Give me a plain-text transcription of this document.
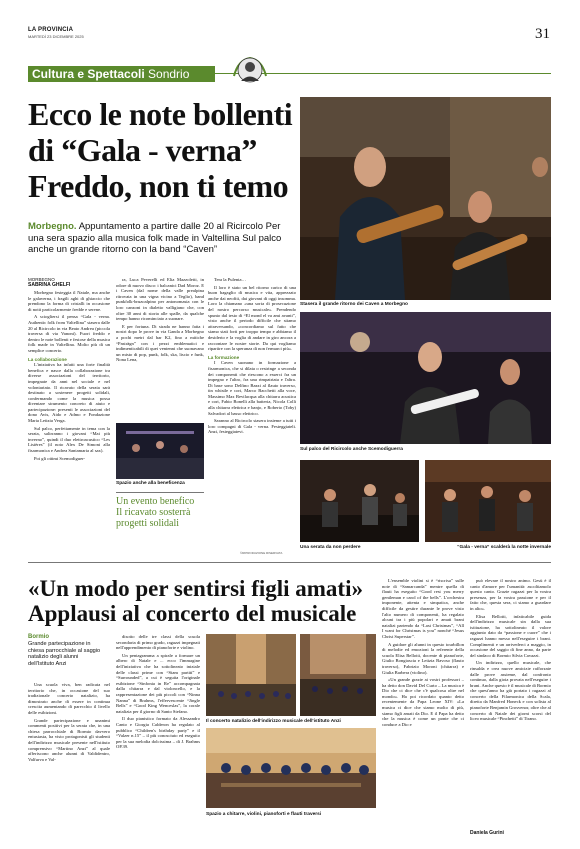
LA PROVINCIA
MARTEDÌ 23 DICEMBRE 2025	31
Cultura e Spettacoli Sondrio
Ecco le note bollenti
di “Gala - verna”
Freddo, non ti temo
Morbegno. Appuntamento a partire dalle 20 al Ricircolo Per una sera spazio alla musica folk made in Valtellina Sul palco anche un grande ritorno con la band “Caven”
Stasera il grande ritorno dei Caven a Morbegno
Sul palco del Ricircolo anche Scemodiguerra
Una serata da non perdere	“Gala - verna” scalderà la notte invernale
MORBEGNO
SABRINA GHELFI

Morbegno festeggia il Natale, ma anche le galaverna, i fragili aghi di ghiaccio che prendono la forma di cristalli in occasione di notti particolarmente fredde e serene.

A sciogliersi il pensa “Gala - verna. Authentic folk from Valtellina” stasera dalle 20 al Ricircolo in via Beato Andrea (piccola traversa di via Vanoni). Fuori freddo e dentro le note bollenti e festose della musica folk made in Valtellina. Molto più di un semplice concerto.

La collaborazione

L'iniziativa ha infatti una forte finalità benefica e nasce dalla collaborazione tra diverse associazioni del territorio, impegnate da anni nel sociale e nel volontariato. Il ricavato della serata sarà destinato a sostenere progetti solidali, confermando come la musica possa diventare strumento concreto di aiuto e partecipazione: presenti le associazioni del dono Avis, Aido e Admo e Fondazione Maria Letizia Verga.

Sul palco, perfettamente in tema con la serata, salirranno i giovani “Mai più inverno”, quindi il duo elettroacustico “Les Lisières” (il noto Alex De Simoni alla fisarmonica e Andrea Santamaria al sax).

Poi gli ottimi Scemodiguer-

ra, Luca Peverelli ed Elia Mazzoletti, in odore di nuovo disco: i balcanici Dad Moroz. E i Caven (dal nome della valle prealpina ritrovata in una vigna vicino a Teglio), band punkfolk-bruzoalpino per antonomasia con le loro canzoni in dialetto valligiano che, con oltre 30 anni di storia alle spalle, da qualche tempo hanno ricominciato a suonare.

E per fortuna. Di strada ne hanno fatta i nostri dopo le prove in via Ganda a Morbegno a pochi metri dal bar K2, fino a mitiche “Pasträgn” con i pezzi emblematici e indimenticabili di quei ventenni che suonavano un misto di pop, punk, folk, ska, liscio e funk, Nona Lena,

Spazio anche alla beneficenza
Un evento benefico Il ricavato sosterrà progetti solidali

Tera la Pulenta…

Il loro è stato un bel ritorno carico di una buon bagaglio di musica e vita, apprezzato anche dai neofiti, dai giovani di oggi insomma. Loro la chiamano «una sorta di prosecuzione del nostro percorso musicale». Prendendo spunto dal testo di “El mond el va ami avanti”, visto anche il periodo difficile che stiamo attraversando, «concordiamo sul fatto che siamo stati forti per troppo tempo e abbiamo il desiderio e la voglia di andare in giro ancora a raccontare le nostre storie. Da qui vogliamo ripartire con la speranza di non fermarci più».

La formazione

I Caven suonano in formazione a fisarmonica, che si dilata o restringe a seconda dei componenti che riescono a esserci fra un impegno e l'altro, fra una rimpatriata e l'altra. Di base sono Delfino Bazzi al flauto traverso, tin whistle e cori, Marco Bacchetti alla voce, Massimo Max Bevilacqua alla chitarra acustica e cori, Fabio Bonelli alla batteria, Nicola Colli alla chitarra elettrica e banjo, e Roberto (Toby) Salvadori al basso elettrico.

Saranno al Ricircolo stasera insieme a tutti i loro compagni di Gala - verna. Festeggiateli. Anzi, festeggiatevi.

©RIPRODUZIONE RISERVATA
«Un modo per sentirsi figli amati»
Applausi al concerto del musicale
Bormio
Grande partecipazione in chiesa parrocchiale al saggio natalizio degli alunni dell'Istituto Anzi

Una scuola viva, ben radicata nel territorio che, in occasione del suo tradizionale concerto natalizio, ha dimostrato anche di essere in continua crescita aumentando di parecchio il livello delle esibizioni.

Grande partecipazione e unanimi commenti positivi per la serata che, in una chiesa parrocchiale di Bormio davvero entusiasta, ha visto protagonisti gli studenti dell'indirizzo musicale presente nell'istituto comprensivo “Martino Anzi” al quale afferiscono anche alunni di Valdidentro, Valfurva e Val-

disotto delle tre classi della scuola secondaria di primo grado, ragazzi impegnati nell'apprendimento di pianoforte e violino.

Un pentagramma a spirale a formare un albero di Natale e ... ecco l'immagine dell'iniziativa che ha sottolineato iniziale delle classi prime con “Siam partiti” e “Surrounded”, a cui è seguita l'originale esibizione “Sinfonia in Re” accompagnata dalla chitarra e dal violoncello, e la rappresentazione dei più piccoli con “Ninna Nanna” di Brahms, l'effervescente “Jingle Bells” e “Good King Wenceslas”, la corale natalizia per il giorno di Santo Stefano.

Il duo pianistico formato da Alessandro Canto e Giorgia Calderon ha regalato al pubblico “Children's birthday party” e il “Valzer n.15” – il più conosciuto ed eseguito per la sua melodia dolcissima – di J. Brahms OP.39.

Il concerto natalizio dell'indirizzo musicale dell'istituto Anzi
Spazio a chitarre, violini, pianoforti e flauti traversi

L'ensemble violini si è “riscrisa” sulle note di “Samarcanda” mentre quella di flauti ha eseguito “Good rest you merry gentleman e carol of the bells”. L'orchestra imponente, attenta e simpatica, anche difficile da gestire durante le prove visto l'alto numero di componenti, ha regalato alcuni tra i più popolari e amati brani natalizi partendo da “Last Christmas”, “All I want for Christmas is you” nonché “Jesus Christ Superstar”.

A guidare gli alunni in questo tourbillon di melodie ed emozioni la referente della scuola Elisa Bellotti, docente di pianoforte, Giulio Bongiascia e Letizia Bavoso (flauto traverso), Fabrizio Moroni (chitarra) e Giulia Barbera (violino).

«Un grande grazie ai vostri professori – ha detto don David Del Curto – La musica è Dio che ci dice che c'è qualcosa oltre nel mondo». Ha poi ricordato quanto detto recentemente da Papa Leone XIV: «La musica ci dice che siamo molto di più, siamo figli amati da Dio. E il Papa ha detto che la musica è come un ponte che ci conduce a Dio e

può elevare il nostro animo. Gesù è il canto d'amore per l'umanità: ascoltiamolo questo canto. Grazie ragazzi per la vostra presenza, per la vostra passione e per il fatto che, questa sera, ci siamo a guardare in alto».

Elisa Bellotti, infaticabile guida dell'indirizzo musicale sin dalla sua istituzione, ha sottolineato il valore aggiunto dato da “passione e cuore” che i ragazzi hanno messo nell'eseguire i brani. Complimenti e un arrivederci a maggio, in occasione del saggio di fine anno, da parte del sindaco di Bormio Silvia Cavazzi.

Un indirizzo, quello musicale, che rinsalda e crea nuove amicizie rafforzate dalle prove assieme, dal confronto continuo, dalla gioia provata nell'eseguire i brani. Anche questo è il musicale di Bormio che quest'anno ha già portato i ragazzi al concerto della Filarmonica della Scala, diretta da Manfred Honeck e con solista al pianoforte Benjamin Grosvenor, oltre che al concerto di Natale dei giorni scorsi del liceo musicale “Pinchetti” di Tirano.

Daniela Gurini
